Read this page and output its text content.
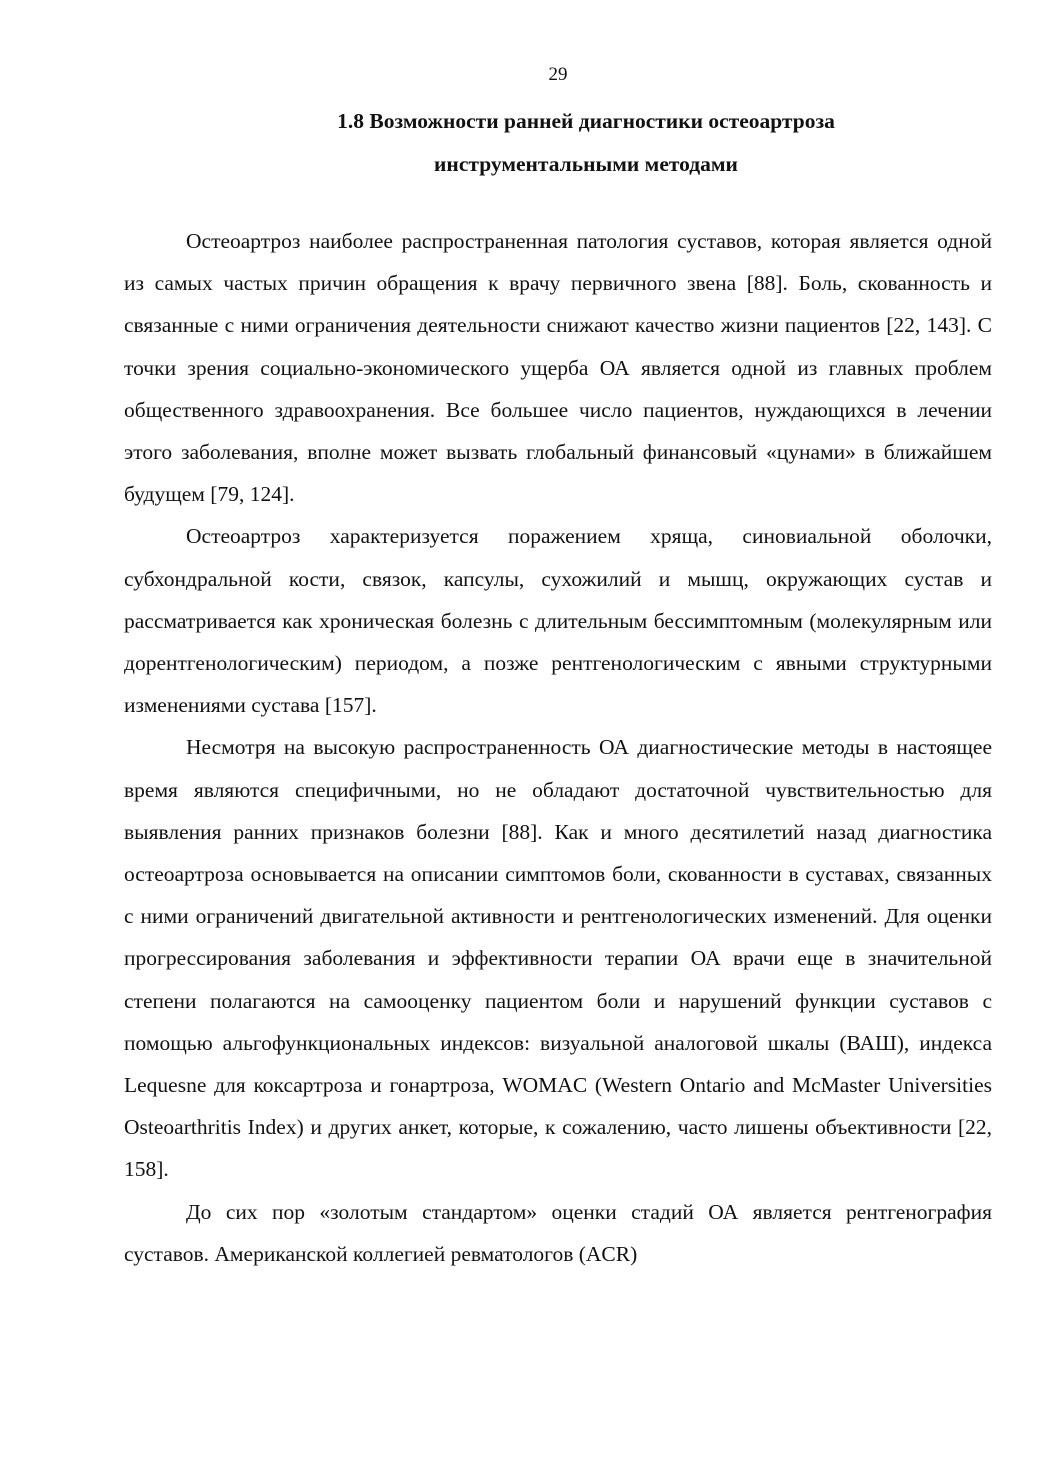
29
1.8 Возможности ранней диагностики остеоартроза
инструментальными методами

Остеоартроз наиболее распространенная патология суставов, которая является одной из самых частых причин обращения к врачу первичного звена [88]. Боль, скованность и связанные с ними ограничения деятельности снижают качество жизни пациентов [22, 143]. С точки зрения социально-экономического ущерба ОА является одной из главных проблем общественного здравоохранения. Все большее число пациентов, нуждающихся в лечении этого заболевания, вполне может вызвать глобальный финансовый «цунами» в ближайшем будущем [79, 124].

Остеоартроз характеризуется поражением хряща, синовиальной оболочки, субхондральной кости, связок, капсулы, сухожилий и мышц, окружающих сустав и рассматривается как хроническая болезнь с длительным бессимптомным (молекулярным или дорентгенологическим) периодом, а позже рентгенологическим с явными структурными изменениями сустава [157].

Несмотря на высокую распространенность ОА диагностические методы в настоящее время являются специфичными, но не обладают достаточной чувствительностью для выявления ранних признаков болезни [88]. Как и много десятилетий назад диагностика остеоартроза основывается на описании симптомов боли, скованности в суставах, связанных с ними ограничений двигательной активности и рентгенологических изменений. Для оценки прогрессирования заболевания и эффективности терапии ОА врачи еще в значительной степени полагаются на самооценку пациентом боли и нарушений функции суставов с помощью альгофункциональных индексов: визуальной аналоговой шкалы (ВАШ), индекса Lequesne для коксартроза и гонартроза, WOMAC (Western Ontario and McMaster Universities Osteoarthritis Index) и других анкет, которые, к сожалению, часто лишены объективности [22, 158].

До сих пор «золотым стандартом» оценки стадий ОА является рентгенография суставов. Американской коллегией ревматологов (ACR)
